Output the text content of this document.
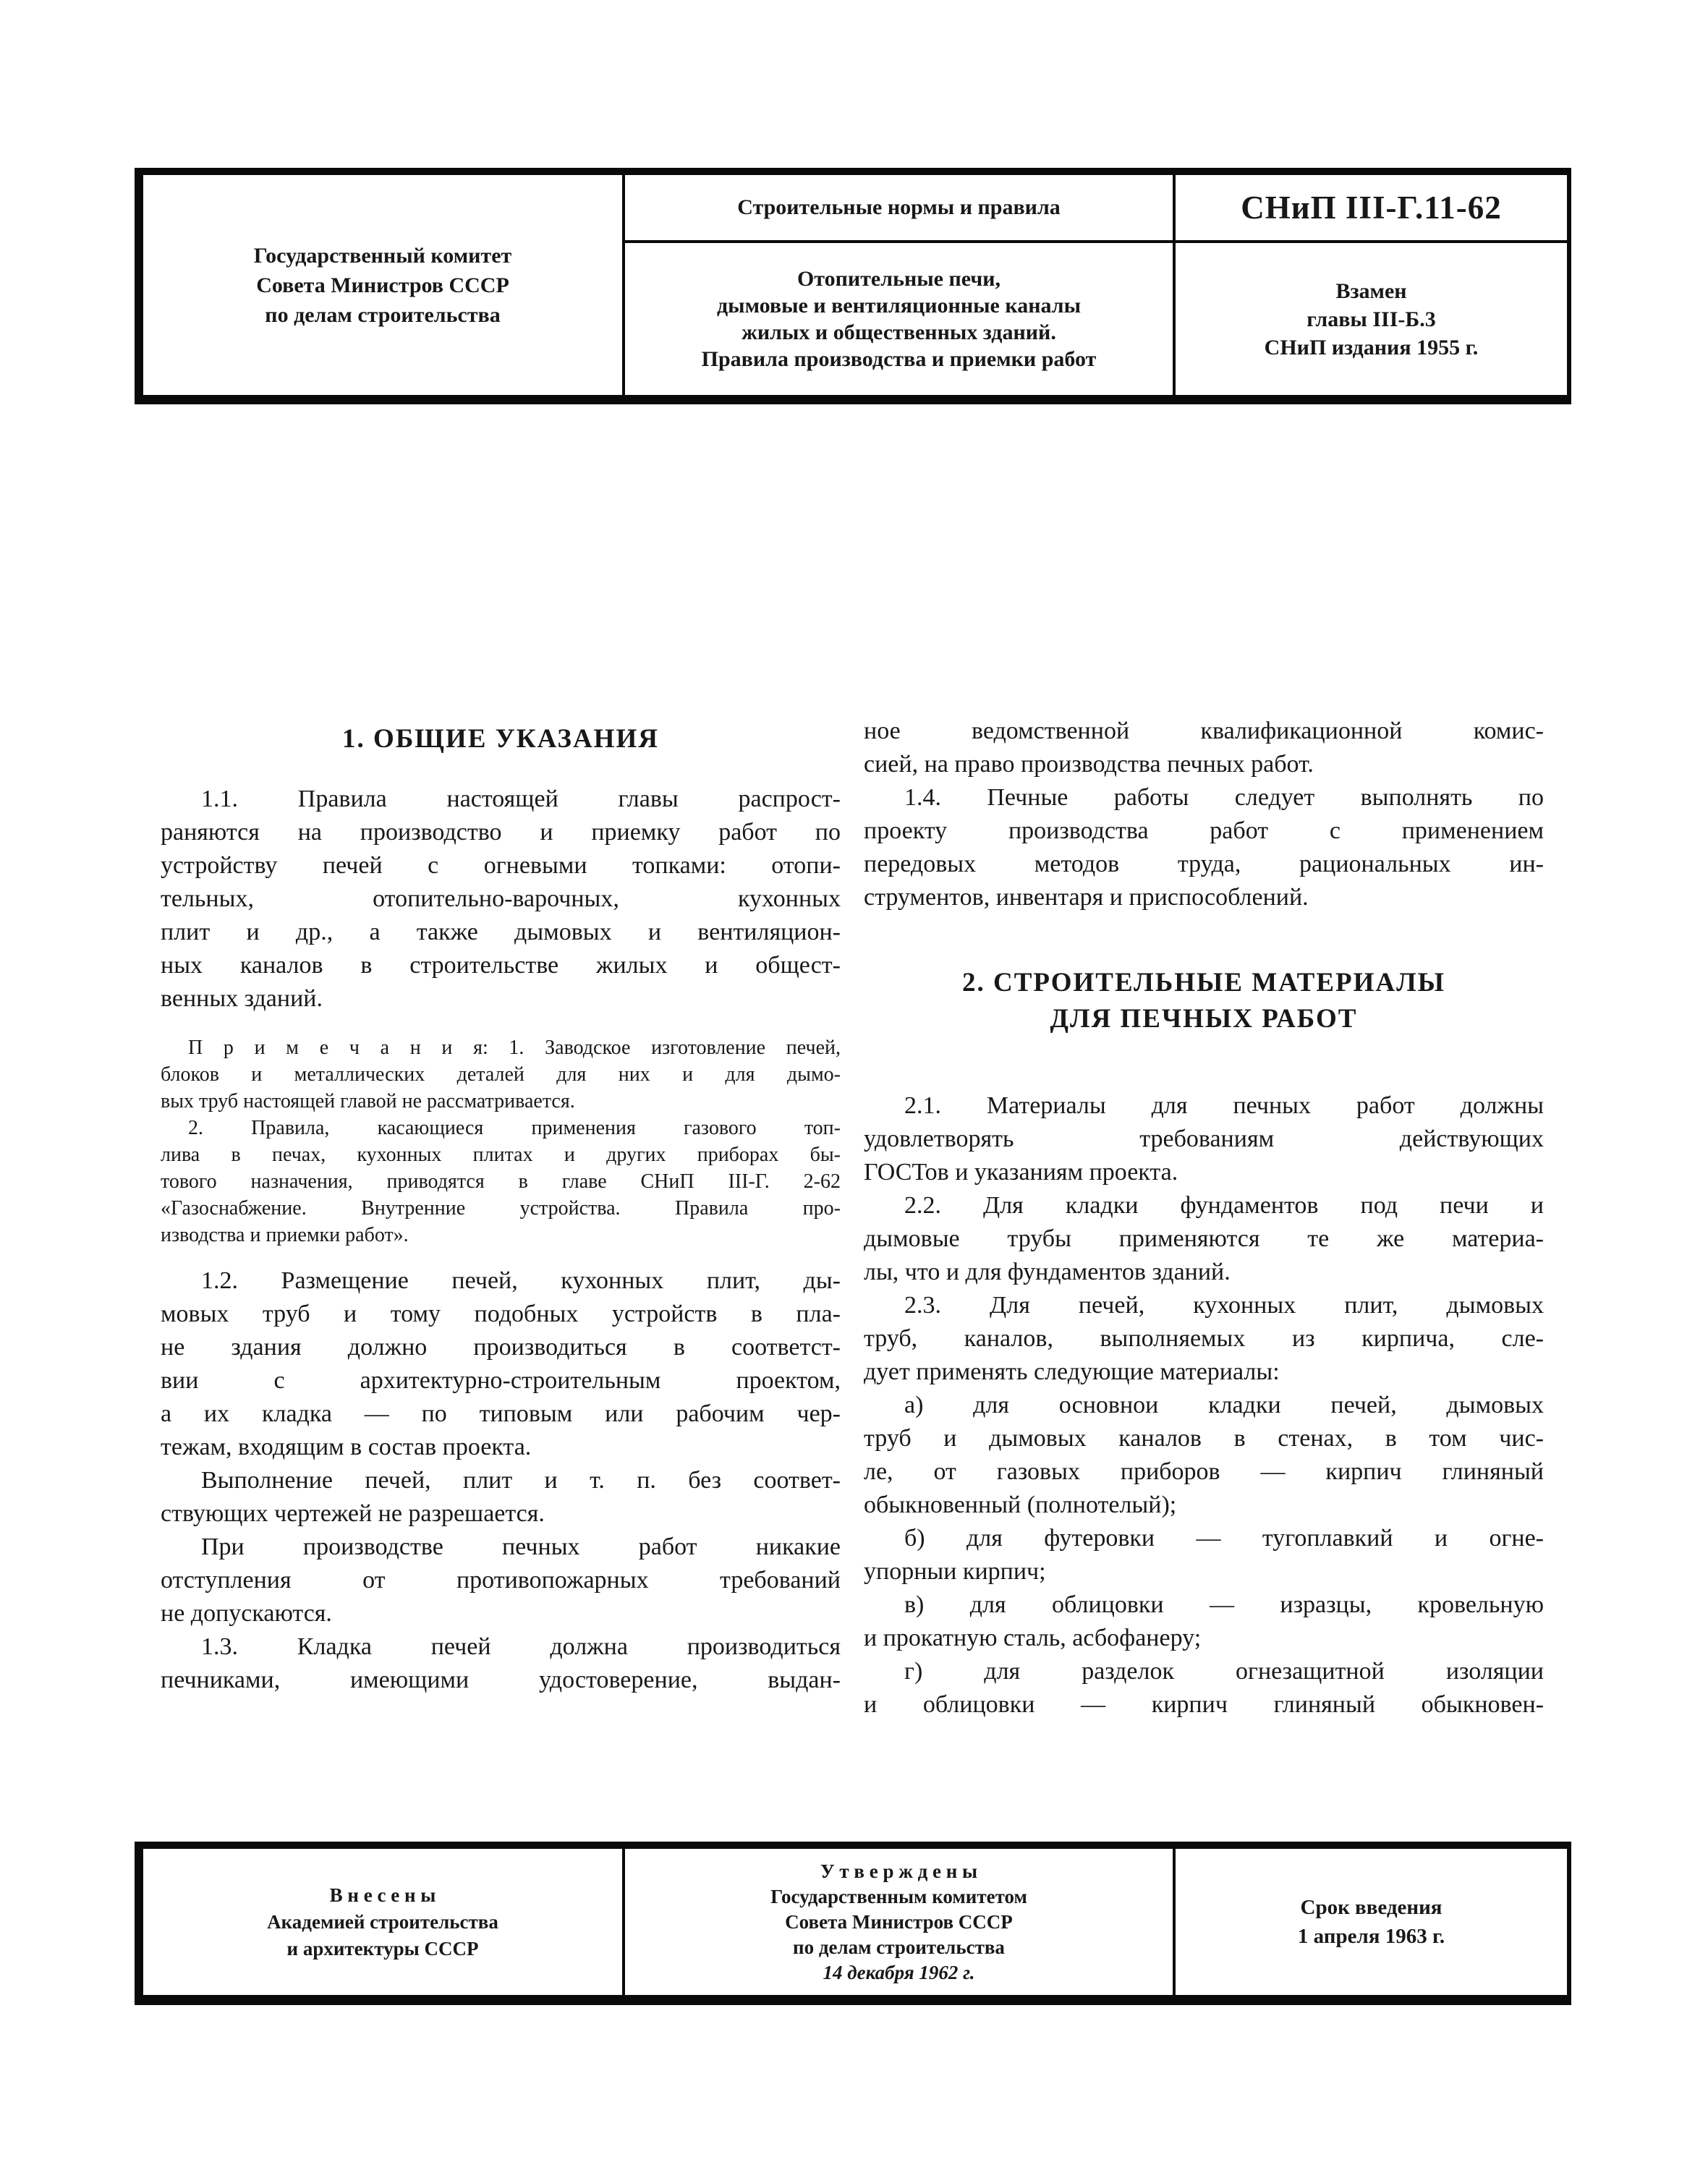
Государственный комитет
Совета Министров СССР
по делам строительства
Строительные нормы и правила
Отопительные печи,
дымовые и вентиляционные каналы
жилых и общественных зданий.
Правила производства и приемки работ
СНиП III-Г.11-62
Взамен
главы III-Б.3
СНиП издания 1955 г.
1. ОБЩИЕ УКАЗАНИЯ
1.1. Правила настоящей главы распрост-
раняются на производство и приемку работ по
устройству печей с огневыми топками: отопи-
тельных, отопительно-варочных, кухонных
плит и др., а также дымовых и вентиляцион-
ных каналов в строительстве жилых и общест-
венных зданий.
П р и м е ч а н и я: 1. Заводское изготовление печей,
блоков и металлических деталей для них и для дымо-
вых труб настоящей главой не рассматривается.
2. Правила, касающиеся применения газового топ-
лива в печах, кухонных плитах и других приборах бы-
тового назначения, приводятся в главе СНиП III-Г. 2-62
«Газоснабжение. Внутренние устройства. Правила про-
изводства и приемки работ».
1.2. Размещение печей, кухонных плит, ды-
мовых труб и тому подобных устройств в пла-
не здания должно производиться в соответст-
вии с архитектурно-строительным проектом,
а их кладка — по типовым или рабочим чер-
тежам, входящим в состав проекта.
Выполнение печей, плит и т. п. без соответ-
ствующих чертежей не разрешается.
При производстве печных работ никакие
отступления от противопожарных требований
не допускаются.
1.3. Кладка печей должна производиться
печниками, имеющими удостоверение, выдан-
ное ведомственной квалификационной комис-
сией, на право производства печных работ.
1.4. Печные работы следует выполнять по
проекту производства работ с применением
передовых методов труда, рациональных ин-
струментов, инвентаря и приспособлений.
2. СТРОИТЕЛЬНЫЕ МАТЕРИАЛЫ
ДЛЯ ПЕЧНЫХ РАБОТ
2.1. Материалы для печных работ должны
удовлетворять требованиям действующих
ГОСТов и указаниям проекта.
2.2. Для кладки фундаментов под печи и
дымовые трубы применяются те же материа-
лы, что и для фундаментов зданий.
2.3. Для печей, кухонных плит, дымовых
труб, каналов, выполняемых из кирпича, сле-
дует применять следующие материалы:
а) для основнои кладки печей, дымовых
труб и дымовых каналов в стенах, в том чис-
ле, от газовых приборов — кирпич глиняный
обыкновенный (полнотелый);
б) для футеровки — тугоплавкий и огне-
упорныи кирпич;
в) для облицовки — изразцы, кровельную
и прокатную сталь, асбофанеру;
г) для разделок огнезащитной изоляции
и облицовки — кирпич глиняный обыкновен-
В н е с е н ы
Академией строительства
и архитектуры СССР
У т в е р ж д е н ы
Государственным комитетом
Совета Министров СССР
по делам строительства
14 декабря 1962 г.
Срок введения
1 апреля 1963 г.
